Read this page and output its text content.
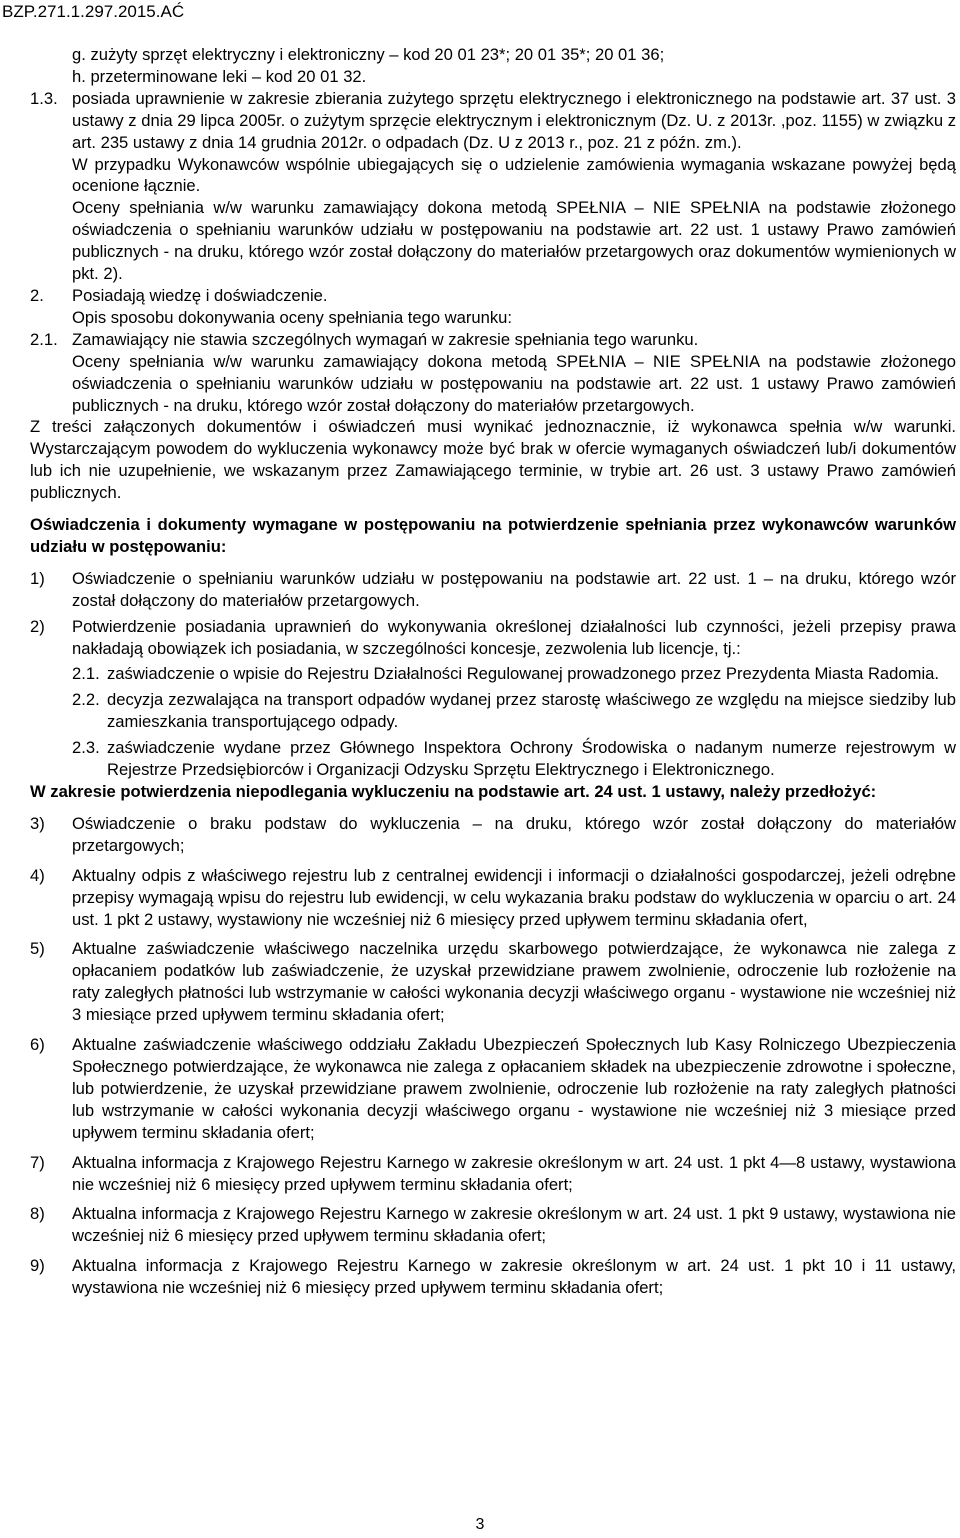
BZP.271.1.297.2015.AĆ

g. zużyty sprzęt elektryczny i elektroniczny – kod 20 01 23*; 20 01 35*; 20 01 36;

h. przeterminowane leki – kod 20 01 32.

1.3. posiada uprawnienie w zakresie zbierania zużytego sprzętu elektrycznego i elektronicznego na podstawie art. 37 ust. 3 ustawy z dnia 29 lipca 2005r. o zużytym sprzęcie elektrycznym i elektronicznym (Dz. U. z 2013r. ,poz. 1155) w związku z art. 235 ustawy z dnia 14 grudnia 2012r. o odpadach (Dz. U z 2013 r., poz. 21 z późn. zm.).

W przypadku Wykonawców wspólnie ubiegających się o udzielenie zamówienia wymagania wskazane powyżej będą ocenione łącznie.

Oceny spełniania w/w warunku zamawiający dokona metodą SPEŁNIA – NIE SPEŁNIA na podstawie złożonego oświadczenia o spełnianiu warunków udziału w postępowaniu na podstawie art. 22 ust. 1 ustawy Prawo zamówień publicznych - na druku, którego wzór został dołączony do materiałów przetargowych oraz dokumentów wymienionych w pkt. 2).

2.	Posiadają wiedzę i doświadczenie.

Opis sposobu dokonywania oceny spełniania tego warunku:

2.1. Zamawiający nie stawia szczególnych wymagań w zakresie spełniania tego warunku.

Oceny spełniania w/w warunku zamawiający dokona metodą SPEŁNIA – NIE SPEŁNIA na podstawie złożonego oświadczenia o spełnianiu warunków udziału w postępowaniu na podstawie art. 22 ust. 1 ustawy Prawo zamówień publicznych - na druku, którego wzór został dołączony do materiałów przetargowych.

Z treści załączonych dokumentów i oświadczeń musi wynikać jednoznacznie, iż wykonawca spełnia w/w warunki. Wystarczającym powodem do wykluczenia wykonawcy może być brak w ofercie wymaganych oświadczeń lub/i dokumentów lub ich nie uzupełnienie, we wskazanym przez Zamawiającego terminie, w trybie art. 26 ust. 3 ustawy Prawo zamówień publicznych.

Oświadczenia i dokumenty wymagane w postępowaniu na potwierdzenie spełniania przez wykonawców warunków udziału w postępowaniu:

1)	Oświadczenie o spełnianiu warunków udziału w postępowaniu na podstawie art. 22 ust. 1 – na druku, którego wzór został dołączony do materiałów przetargowych.
2)	Potwierdzenie posiadania uprawnień do wykonywania określonej działalności lub czynności, jeżeli przepisy prawa nakładają obowiązek ich posiadania, w szczególności koncesje, zezwolenia lub licencje, tj.:
2.1. zaświadczenie o wpisie do Rejestru Działalności Regulowanej prowadzonego przez Prezydenta Miasta Radomia.
2.2. decyzja zezwalająca na transport odpadów wydanej przez starostę właściwego ze względu na miejsce siedziby lub zamieszkania transportującego odpady.
2.3. zaświadczenie wydane przez Głównego Inspektora Ochrony Środowiska o nadanym numerze rejestrowym w Rejestrze Przedsiębiorców i Organizacji Odzysku Sprzętu Elektrycznego i Elektronicznego.

W zakresie potwierdzenia niepodlegania wykluczeniu na podstawie art. 24 ust. 1 ustawy, należy przedłożyć:

3)	Oświadczenie o braku podstaw do wykluczenia – na druku, którego wzór został dołączony do materiałów przetargowych;
4)	Aktualny odpis z właściwego rejestru lub z centralnej ewidencji i informacji o działalności gospodarczej, jeżeli odrębne przepisy wymagają wpisu do rejestru lub ewidencji, w celu wykazania braku podstaw do wykluczenia w oparciu o art. 24 ust. 1 pkt 2 ustawy, wystawiony nie wcześniej niż 6 miesięcy przed upływem terminu składania ofert,
5)	Aktualne zaświadczenie właściwego naczelnika urzędu skarbowego potwierdzające, że wykonawca nie zalega z opłacaniem podatków lub zaświadczenie, że uzyskał przewidziane prawem zwolnienie, odroczenie lub rozłożenie na raty zaległych płatności lub wstrzymanie w całości wykonania decyzji właściwego organu - wystawione nie wcześniej niż 3 miesiące przed upływem terminu składania ofert;
6)	Aktualne zaświadczenie właściwego oddziału Zakładu Ubezpieczeń Społecznych lub Kasy Rolniczego Ubezpieczenia Społecznego potwierdzające, że wykonawca nie zalega z opłacaniem składek na ubezpieczenie zdrowotne i społeczne, lub potwierdzenie, że uzyskał przewidziane prawem zwolnienie, odroczenie lub rozłożenie na raty zaległych płatności lub wstrzymanie w całości wykonania decyzji właściwego organu - wystawione nie wcześniej niż 3 miesiące przed upływem terminu składania ofert;
7)	Aktualna informacja z Krajowego Rejestru Karnego w zakresie określonym w art. 24 ust. 1 pkt 4—8 ustawy, wystawiona nie wcześniej niż 6 miesięcy przed upływem terminu składania ofert;
8)	Aktualna informacja z Krajowego Rejestru Karnego w zakresie określonym w art. 24 ust. 1 pkt 9 ustawy, wystawiona nie wcześniej niż 6 miesięcy przed upływem terminu składania ofert;
9)	Aktualna informacja z Krajowego Rejestru Karnego w zakresie określonym w art. 24 ust. 1 pkt 10 i 11 ustawy, wystawiona nie wcześniej niż 6 miesięcy przed upływem terminu składania ofert;
3
